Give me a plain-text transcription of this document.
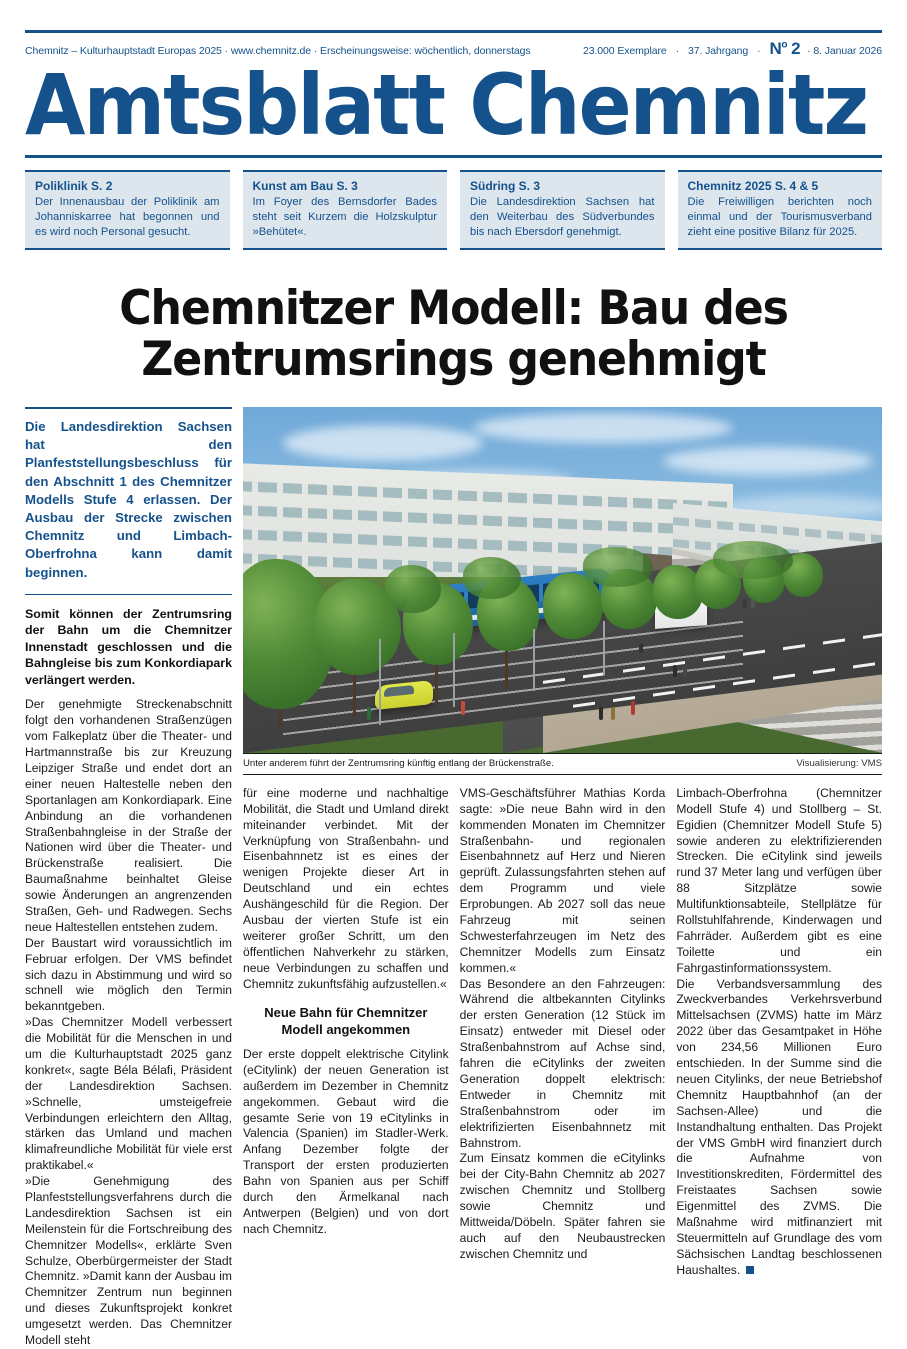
Chemnitz – Kulturhauptstadt Europas 2025 · www.chemnitz.de · Erscheinungsweise: wöchentlich, donnerstags	23.000 Exemplare · 37. Jahrgang · $N^o$ 2 · 8. Januar 2026
Amtsblatt Chemnitz
Poliklinik S. 2
Der Innenausbau der Poliklinik am Johanniskarree hat begonnen und es wird noch Personal gesucht.
Kunst am Bau S. 3
Im Foyer des Bernsdorfer Bades steht seit Kurzem die Holzskulptur »Behütet«.
Südring S. 3
Die Landesdirektion Sachsen hat den Weiterbau des Südverbundes bis nach Ebersdorf genehmigt.
Chemnitz 2025 S. 4 & 5
Die Freiwilligen berichten noch einmal und der Tourismusverband zieht eine positive Bilanz für 2025.
Chemnitzer Modell: Bau des Zentrumsrings genehmigt
Die Landesdirektion Sachsen hat den Planfeststellungsbeschluss für den Abschnitt 1 des Chemnitzer Modells Stufe 4 erlassen. Der Ausbau der Strecke zwischen Chemnitz und Limbach-Oberfrohna kann damit beginnen.
Somit können der Zentrumsring der Bahn um die Chemnitzer Innenstadt geschlossen und die Bahngleise bis zum Konkordiapark verlängert werden.

Der genehmigte Streckenabschnitt folgt den vorhandenen Straßenzügen vom Falkeplatz über die Theater- und Hartmannstraße bis zur Kreuzung Leipziger Straße und endet dort an einer neuen Haltestelle neben den Sportanlagen am Konkordiapark. Eine Anbindung an die vorhandenen Straßenbahngleise in der Straße der Nationen wird über die Theater- und Brückenstraße realisiert. Die Baumaßnahme beinhaltet Gleise sowie Änderungen an angrenzenden Straßen, Geh- und Radwegen. Sechs neue Haltestellen entstehen zudem.

Der Baustart wird voraussichtlich im Februar erfolgen. Der VMS befindet sich dazu in Abstimmung und wird so schnell wie möglich den Termin bekanntgeben.

»Das Chemnitzer Modell verbessert die Mobilität für die Menschen in und um die Kulturhauptstadt 2025 ganz konkret«, sagte Béla Bélafi, Präsident der Landesdirektion Sachsen. »Schnelle, umsteigefreie Verbindungen erleichtern den Alltag, stärken das Umland und machen klimafreundliche Mobilität für viele erst praktikabel.«

»Die Genehmigung des Planfeststellungsverfahrens durch die Landesdirektion Sachsen ist ein Meilenstein für die Fortschreibung des Chemnitzer Modells«, erklärte Sven Schulze, Oberbürgermeister der Stadt Chemnitz. »Damit kann der Ausbau im Chemnitzer Zentrum nun beginnen und dieses Zukunftsprojekt konkret umgesetzt werden. Das Chemnitzer Modell steht

Unter anderem führt der Zentrumsring künftig entlang der Brückenstraße.	Visualisierung: VMS

für eine moderne und nachhaltige Mobilität, die Stadt und Umland direkt miteinander verbindet. Mit der Verknüpfung von Straßenbahn- und Eisenbahnnetz ist es eines der wenigen Projekte dieser Art in Deutschland und ein echtes Aushängeschild für die Region. Der Ausbau der vierten Stufe ist ein weiterer großer Schritt, um den öffentlichen Nahverkehr zu stärken, neue Verbindungen zu schaffen und Chemnitz zukunftsfähig aufzustellen.«

Neue Bahn für Chemnitzer Modell angekommen

Der erste doppelt elektrische Citylink (eCitylink) der neuen Generation ist außerdem im Dezember in Chemnitz angekommen. Gebaut wird die gesamte Serie von 19 eCitylinks in Valencia (Spanien) im Stadler-Werk. Anfang Dezember folgte der Transport der ersten produzierten Bahn von Spanien aus per Schiff durch den Ärmelkanal nach Antwerpen (Belgien) und von dort nach Chemnitz.

VMS-Geschäftsführer Mathias Korda sagte: »Die neue Bahn wird in den kommenden Monaten im Chemnitzer Straßenbahn- und regionalen Eisenbahnnetz auf Herz und Nieren geprüft. Zulassungsfahrten stehen auf dem Programm und viele Erprobungen. Ab 2027 soll das neue Fahrzeug mit seinen Schwesterfahrzeugen im Netz des Chemnitzer Modells zum Einsatz kommen.«

Das Besondere an den Fahrzeugen: Während die altbekannten Citylinks der ersten Generation (12 Stück im Einsatz) entweder mit Diesel oder Straßenbahnstrom auf Achse sind, fahren die eCitylinks der zweiten Generation doppelt elektrisch: Entweder in Chemnitz mit Straßenbahnstrom oder im elektrifizierten Eisenbahnnetz mit Bahnstrom.

Zum Einsatz kommen die eCitylinks bei der City-Bahn Chemnitz ab 2027 zwischen Chemnitz und Stollberg sowie Chemnitz und Mittweida/Döbeln. Später fahren sie auch auf den Neubaustrecken zwischen Chemnitz und

Limbach-Oberfrohna (Chemnitzer Modell Stufe 4) und Stollberg – St. Egidien (Chemnitzer Modell Stufe 5) sowie anderen zu elektrifizierenden Strecken. Die eCitylink sind jeweils rund 37 Meter lang und verfügen über 88 Sitzplätze sowie Multifunktionsabteile, Stellplätze für Rollstuhlfahrende, Kinderwagen und Fahrräder. Außerdem gibt es eine Toilette und ein Fahrgastinformationssystem.

Die Verbandsversammlung des Zweckverbandes Verkehrsverbund Mittelsachsen (ZVMS) hatte im März 2022 über das Gesamtpaket in Höhe von 234,56 Millionen Euro entschieden. In der Summe sind die neuen Citylinks, der neue Betriebshof Chemnitz Hauptbahnhof (an der Sachsen-Allee) und die Instandhaltung enthalten. Das Projekt der VMS GmbH wird finanziert durch die Aufnahme von Investitionskrediten, Fördermittel des Freistaates Sachsen sowie Eigenmittel des ZVMS. Die Maßnahme wird mitfinanziert mit Steuermitteln auf Grundlage des vom Sächsischen Landtag beschlossenen Haushaltes.
